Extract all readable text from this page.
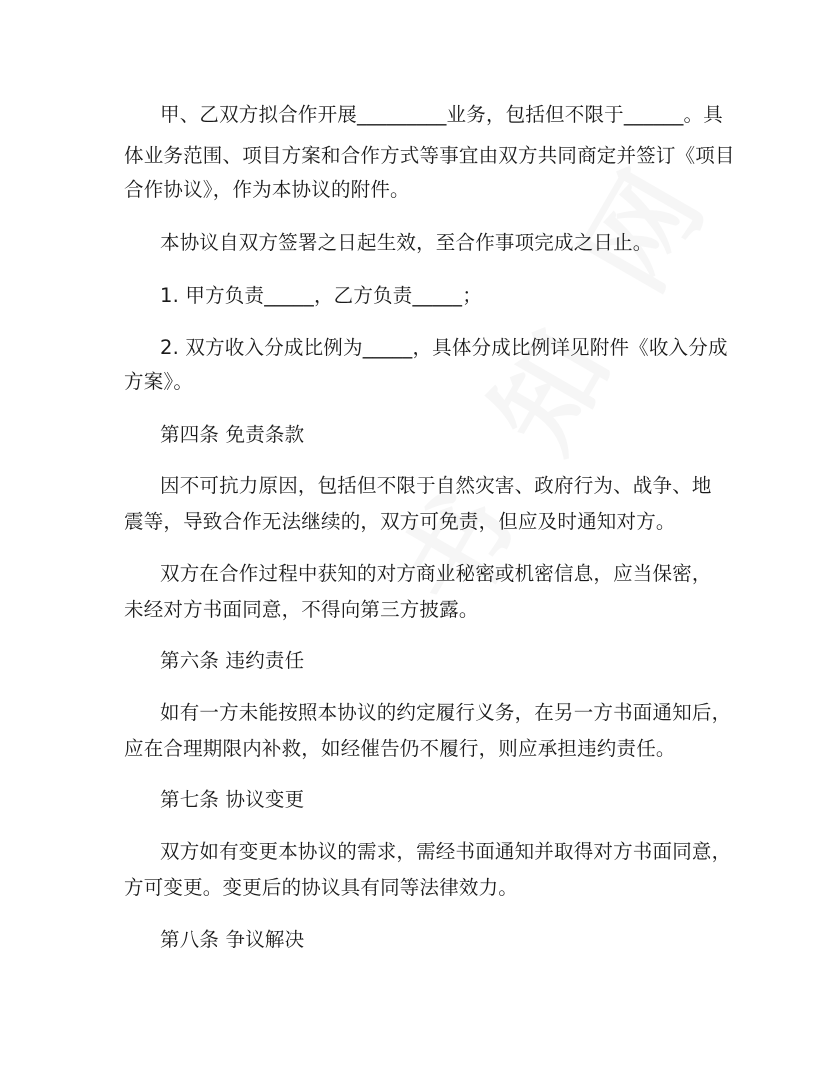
甲、乙双方拟合作开展_________业务，包括但不限于______。具
体业务范围、项目方案和合作方式等事宜由双方共同商定并签订《项目
合作协议》，作为本协议的附件。
本协议自双方签署之日起生效，至合作事项完成之日止。
1. 甲方负责_____，乙方负责_____；
2. 双方收入分成比例为_____，具体分成比例详见附件《收入分成
方案》。
第四条 免责条款
因不可抗力原因，包括但不限于自然灾害、政府行为、战争、地
震等，导致合作无法继续的，双方可免责，但应及时通知对方。
双方在合作过程中获知的对方商业秘密或机密信息，应当保密，
未经对方书面同意，不得向第三方披露。
第六条 违约责任
如有一方未能按照本协议的约定履行义务，在另一方书面通知后，
应在合理期限内补救，如经催告仍不履行，则应承担违约责任。
第七条 协议变更
双方如有变更本协议的需求，需经书面通知并取得对方书面同意，
方可变更。变更后的协议具有同等法律效力。
第八条 争议解决
